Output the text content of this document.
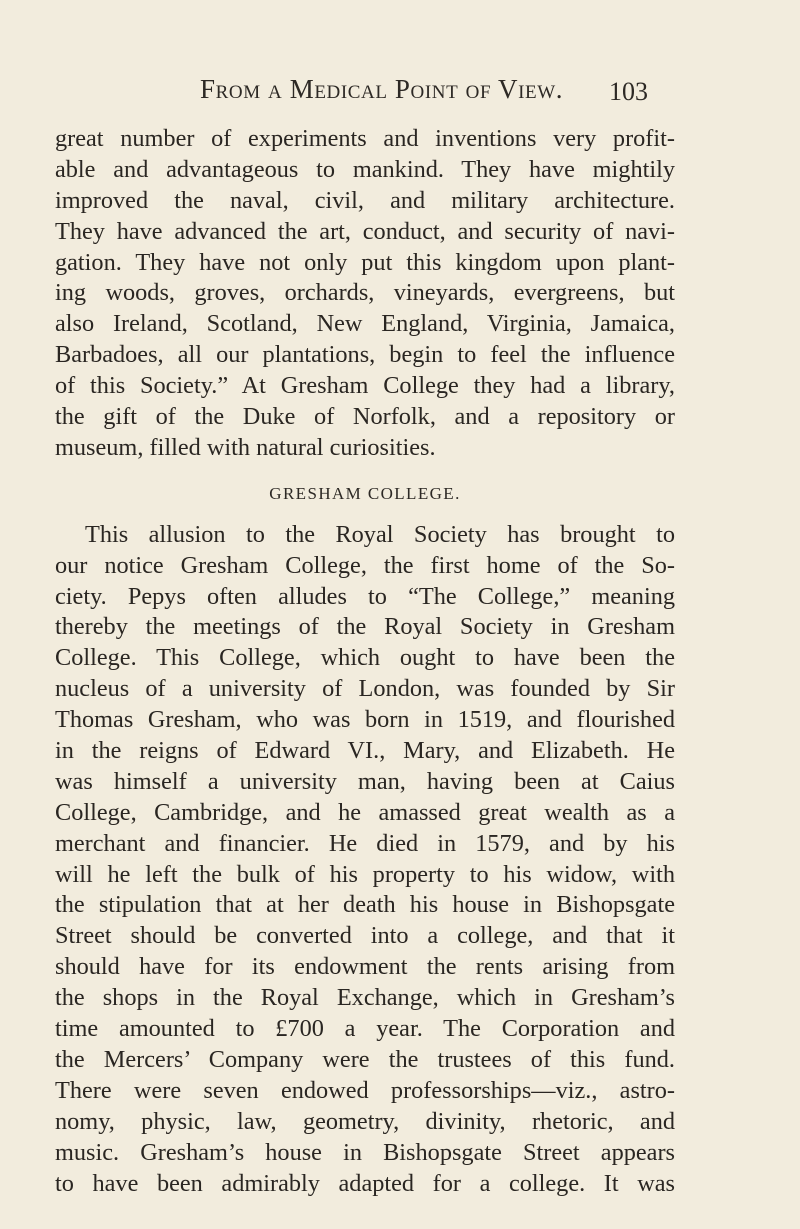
From a Medical Point of View. 103
great number of experiments and inventions very profit-
able and advantageous to mankind. They have mightily
improved the naval, civil, and military architecture.
They have advanced the art, conduct, and security of navi-
gation. They have not only put this kingdom upon plant-
ing woods, groves, orchards, vineyards, evergreens, but
also Ireland, Scotland, New England, Virginia, Jamaica,
Barbadoes, all our plantations, begin to feel the influence
of this Society.” At Gresham College they had a library,
the gift of the Duke of Norfolk, and a repository or
museum, filled with natural curiosities.
GRESHAM COLLEGE.
This allusion to the Royal Society has brought to
our notice Gresham College, the first home of the So-
ciety. Pepys often alludes to “The College,” meaning
thereby the meetings of the Royal Society in Gresham
College. This College, which ought to have been the
nucleus of a university of London, was founded by Sir
Thomas Gresham, who was born in 1519, and flourished
in the reigns of Edward VI., Mary, and Elizabeth. He
was himself a university man, having been at Caius
College, Cambridge, and he amassed great wealth as a
merchant and financier. He died in 1579, and by his
will he left the bulk of his property to his widow, with
the stipulation that at her death his house in Bishopsgate
Street should be converted into a college, and that it
should have for its endowment the rents arising from
the shops in the Royal Exchange, which in Gresham’s
time amounted to £700 a year. The Corporation and
the Mercers’ Company were the trustees of this fund.
There were seven endowed professorships—viz., astro-
nomy, physic, law, geometry, divinity, rhetoric, and
music. Gresham’s house in Bishopsgate Street appears
to have been admirably adapted for a college. It was
